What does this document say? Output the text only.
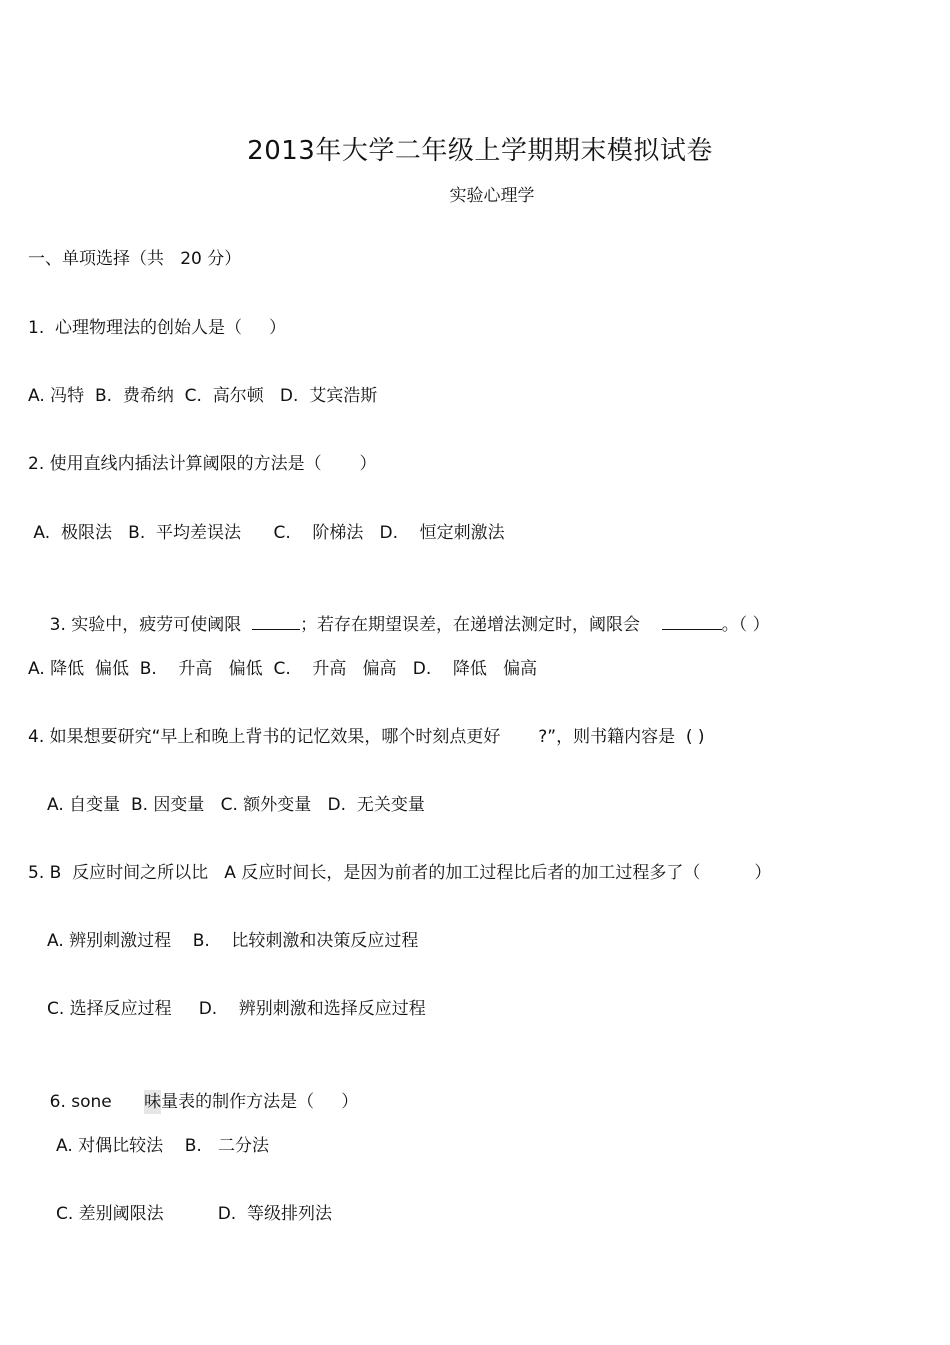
2013年大学二年级上学期期末模拟试卷
实验心理学
一、单项选择（共   20 分）
1.  心理物理法的创始人是（     ）
A. 冯特  B.  费希纳  C.  高尔顿   D.  艾宾浩斯
2. 使用直线内插法计算阈限的方法是（       ）
A.  极限法   B.  平均差误法      C.    阶梯法   D.    恒定刺激法

3. 实验中，疲劳可使阈限	；若存在期望误差，在递增法测定时，阈限会	。（ ）

A. 降低  偏低  B.    升高   偏低  C.    升高   偏高   D.    降低   偏高
4. 如果想要研究“早上和晚上背书的记忆效果，哪个时刻点更好       ?”，则书籍内容是  ( )
A. 自变量  B. 因变量   C. 额外变量   D.  无关变量
5. B  反应时间之所以比   A 反应时间长，是因为前者的加工过程比后者的加工过程多了（          ）
A. 辨别刺激过程    B.    比较刺激和决策反应过程
C. 选择反应过程     D.    辨别刺激和选择反应过程

6. sone      味量表的制作方法是（     ）

A. 对偶比较法    B.   二分法
C. 差别阈限法          D.  等级排列法
